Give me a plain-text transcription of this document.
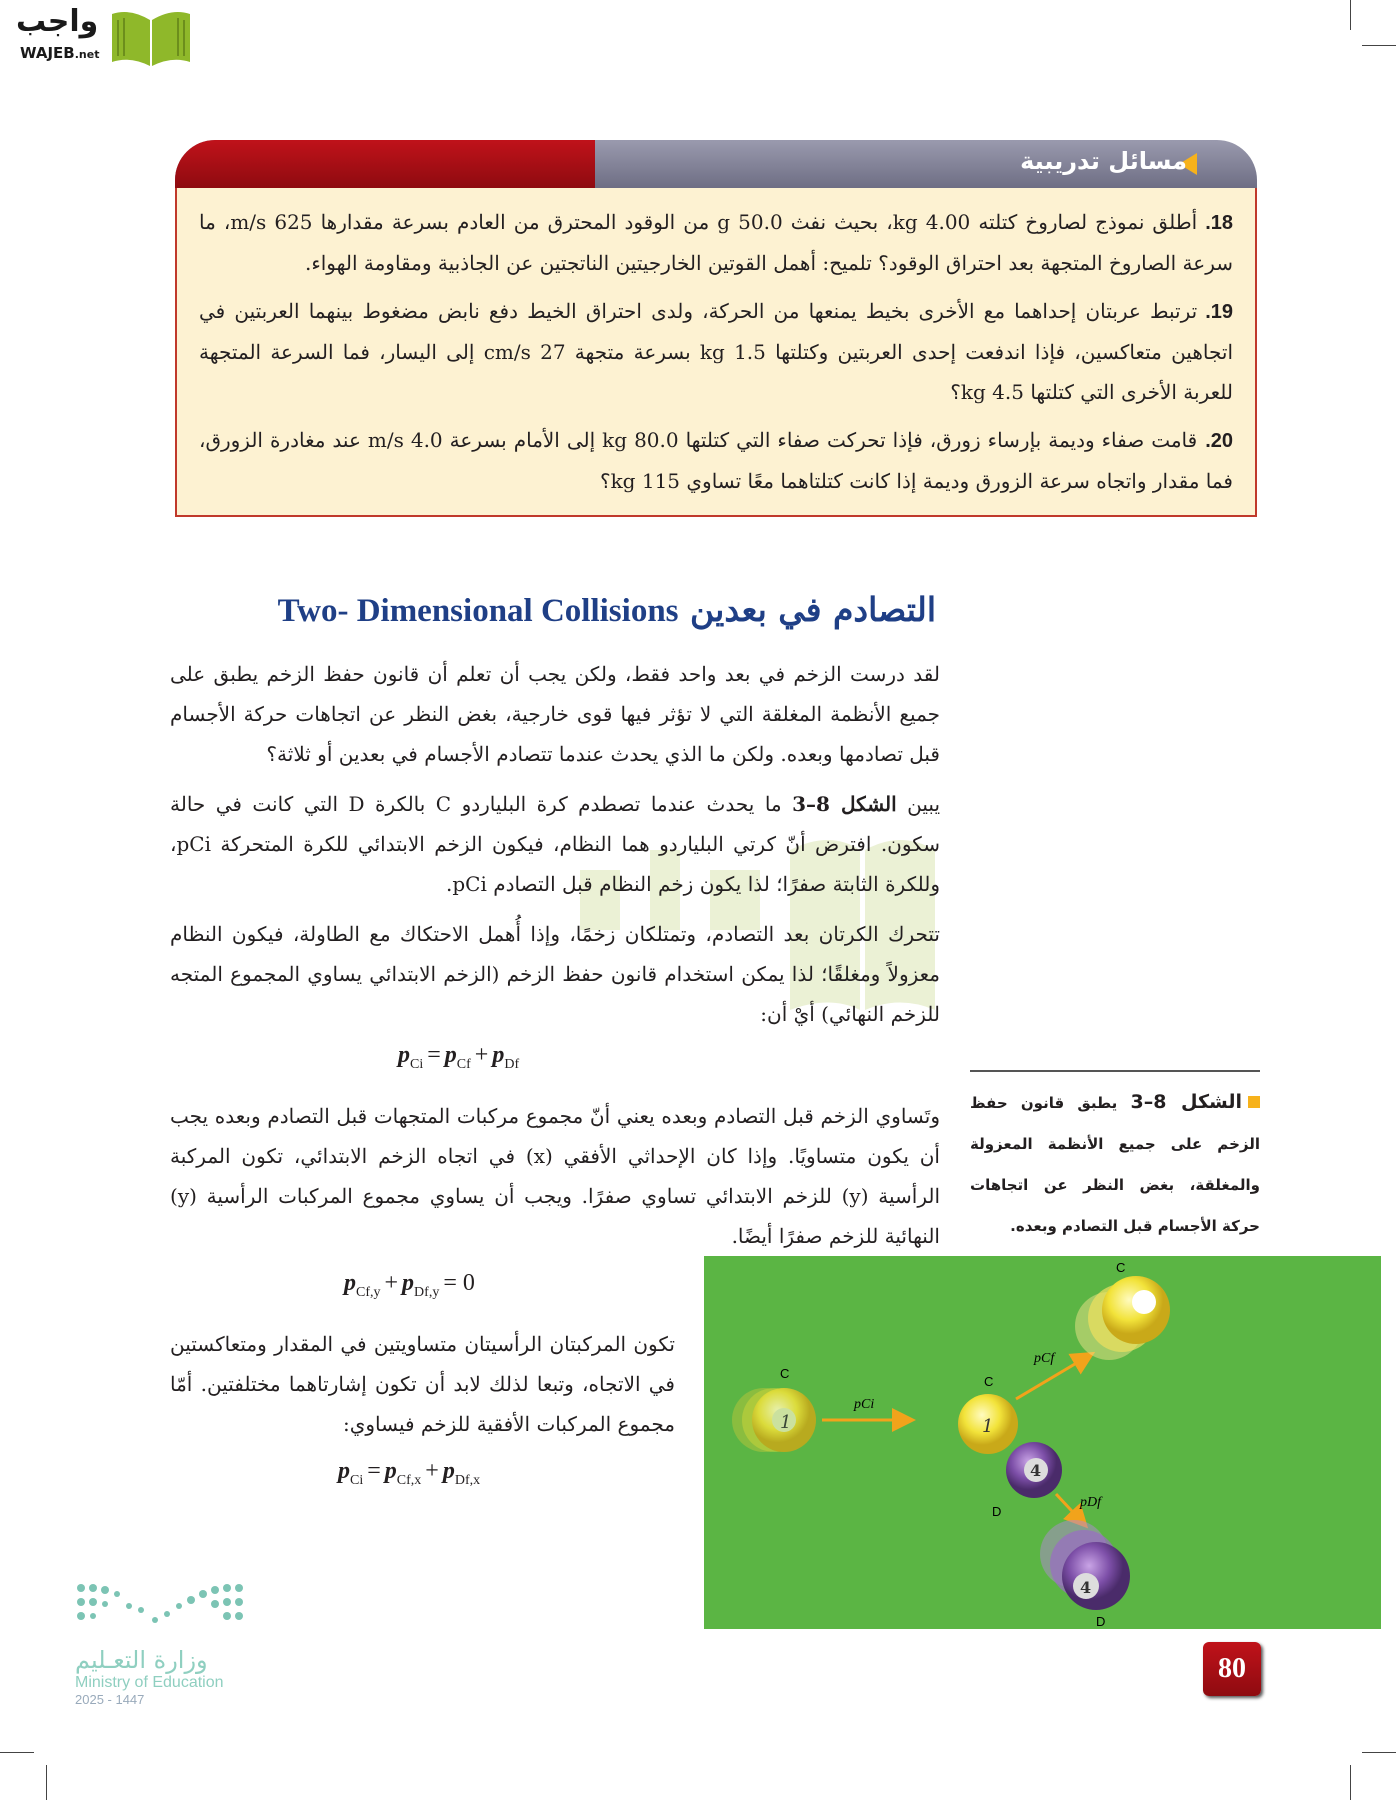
واجب
WAJEB.net
مسائل تدريبية
18.أطلق نموذج لصاروخ كتلته 4.00 kg، بحيث نفث 50.0 g من الوقود المحترق من العادم بسرعة مقدارها 625 m/s، ما سرعة الصاروخ المتجهة بعد احتراق الوقود؟ تلميح: أهمل القوتين الخارجيتين الناتجتين عن الجاذبية ومقاومة الهواء.
19.ترتبط عربتان إحداهما مع الأخرى بخيط يمنعها من الحركة، ولدى احتراق الخيط دفع نابض مضغوط بينهما العربتين في اتجاهين متعاكسين، فإذا اندفعت إحدى العربتين وكتلتها 1.5 kg بسرعة متجهة 27 cm/s إلى اليسار، فما السرعة المتجهة للعربة الأخرى التي كتلتها 4.5 kg؟
20.قامت صفاء وديمة بإرساء زورق، فإذا تحركت صفاء التي كتلتها 80.0 kg إلى الأمام بسرعة 4.0 m/s عند مغادرة الزورق، فما مقدار واتجاه سرعة الزورق وديمة إذا كانت كتلتاهما معًا تساوي 115 kg؟
التصادم في بعدين Two- Dimensional Collisions
لقد درست الزخم في بعد واحد فقط، ولكن يجب أن تعلم أن قانون حفظ الزخم يطبق على جميع الأنظمة المغلقة التي لا تؤثر فيها قوى خارجية، بغض النظر عن اتجاهات حركة الأجسام قبل تصادمها وبعده. ولكن ما الذي يحدث عندما تتصادم الأجسام في بعدين أو ثلاثة؟
يبين الشكل 8–3 ما يحدث عندما تصطدم كرة البلياردو C بالكرة D التي كانت في حالة سكون. افترض أنّ كرتي البلياردو هما النظام، فيكون الزخم الابتدائي للكرة المتحركة pCi، وللكرة الثابتة صفرًا؛ لذا يكون زخم النظام قبل التصادم pCi.
تتحرك الكرتان بعد التصادم، وتمتلكان زخمًا، وإذا أُهمل الاحتكاك مع الطاولة، فيكون النظام معزولاً ومغلقًا؛ لذا يمكن استخدام قانون حفظ الزخم (الزخم الابتدائي يساوي المجموع المتجه للزخم النهائي) أيْ أن:
$p_{Ci} = p_{Cf} + p_{Df}$
وتَساوي الزخم قبل التصادم وبعده يعني أنّ مجموع مركبات المتجهات قبل التصادم وبعده يجب أن يكون متساويًا. وإذا كان الإحداثي الأفقي (x) في اتجاه الزخم الابتدائي، تكون المركبة الرأسية (y) للزخم الابتدائي تساوي صفرًا. ويجب أن يساوي مجموع المركبات الرأسية (y) النهائية للزخم صفرًا أيضًا.
$p_{Cf,y} + p_{Df,y} = 0$
تكون المركبتان الرأسيتان متساويتين في المقدار ومتعاكستين في الاتجاه، وتبعا لذلك لابد أن تكون إشارتاهما مختلفتين. أمّا مجموع المركبات الأفقية للزخم فيساوي:
$p_{Ci} = p_{Cf,x} + p_{Df,x}$
الشكل 8–3 يطبق قانون حفظ الزخم على جميع الأنظمة المعزولة والمغلقة، بغض النظر عن اتجاهات حركة الأجسام قبل التصادم وبعده.
1
C
pCi
1
C
4
D
pCf
C
pDf
4
D
وزارة التعـليم
Ministry of Education
2025 - 1447
80
